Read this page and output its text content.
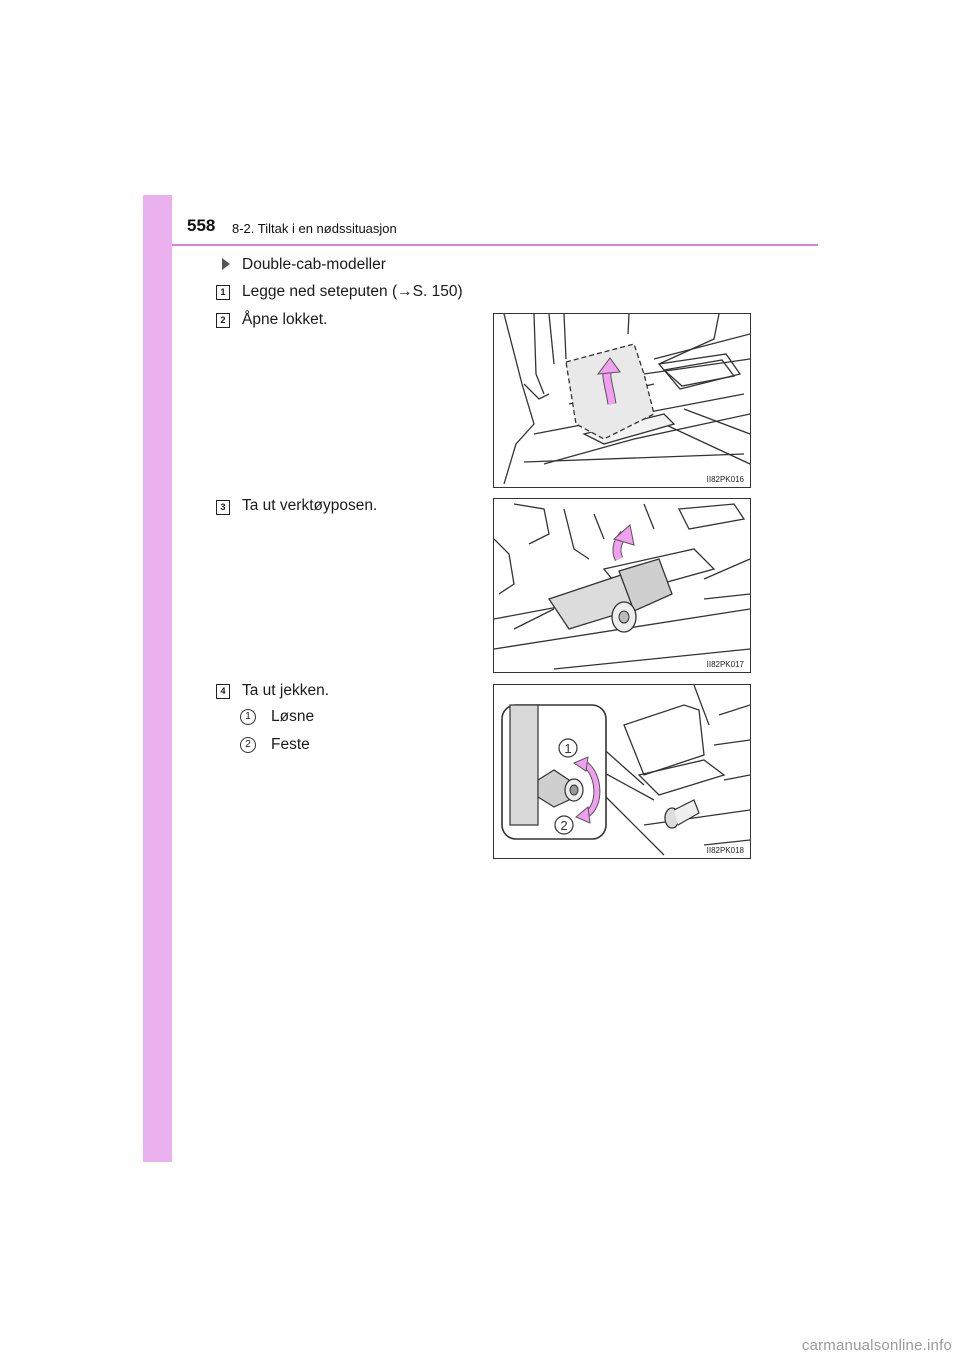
558 8-2. Tiltak i en nødssituasjon
Double-cab-modeller
1 Legge ned seteputen (→S. 150)
2 Åpne lokket.
II82PK016
3 Ta ut verktøyposen.
II82PK017
4 Ta ut jekken.
1	Løsne
2	Feste	1
2
II82PK018
carmanualsonline.info
